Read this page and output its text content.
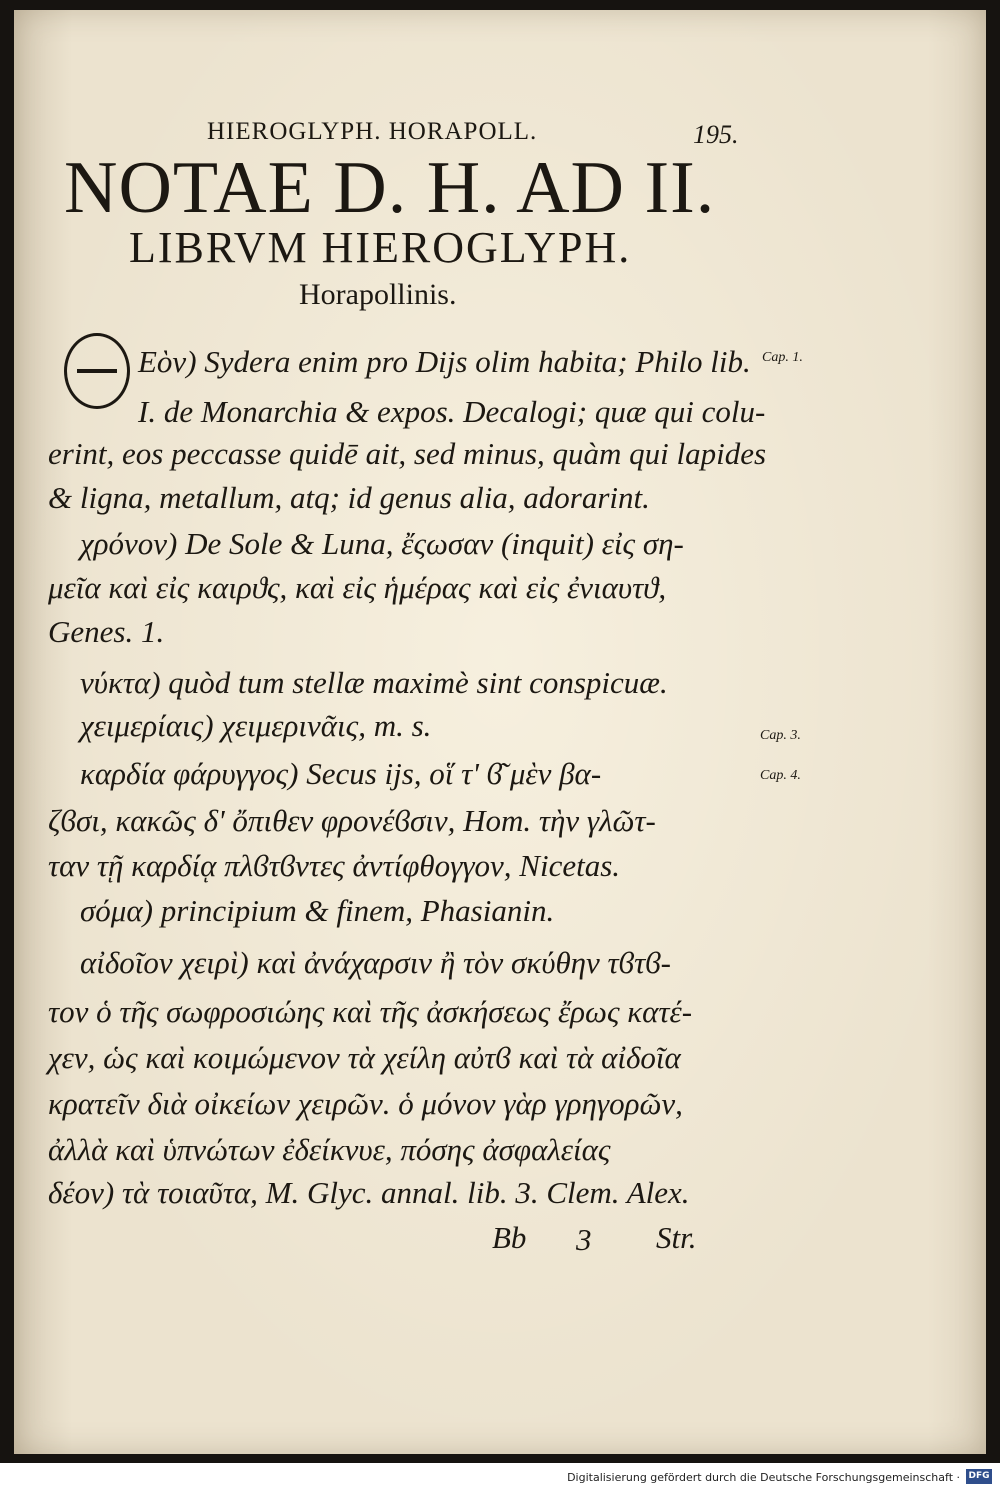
HIEROGLYPH. HORAPOLL.	195.
NOTAE D. H. AD II.
LIBRVM HIEROGLYPH.
Horapollinis.
Εὸν) Sydera enim pro Dijs olim habita; Philo lib.
I. de Monarchia & expos. Decalogi; quæ qui colu-
erint, eos peccasse quidē ait, sed minus, quàm qui lapides
& ligna, metallum, atq; id genus alia, adorarint.
χρόνον) De Sole & Luna, ἔςωσαν (inquit) εἰς ση-
μεῖα καὶ εἰς καιρϑς, καὶ εἰς ἡμέρας καὶ εἰς ἐνιαυτϑ,
Genes. 1.
νύκτα) quòd tum stellæ maximè sint conspicuæ.
χειμερίαις) χειμερινᾶις, m. s.
καρδία φάρυγγος) Secus ijs, οἵ τ' ϐ͂ μὲν βα-
ζϐσι, κακῶς δ' ὄπιθεν φρονέϐσιν, Hom. τὴν γλῶτ-
ταν τῇ καρδίᾳ πλϐτϐντες ἀντίφθογγον, Nicetas.
σόμα) principium & finem, Phasianin.
αἰδοῖον χειρὶ) καὶ ἀνάχαρσιν ἢ τὸν σκύθην τϐτϐ-
τον ὁ τῆς σωφροσιώης καὶ τῆς ἀσκήσεως ἔρως κατέ-
χεν, ὡς καὶ κοιμώμενον τὰ χείλη αὐτϐ καὶ τὰ αἰδοῖα
κρατεῖν διὰ οἰκείων χειρῶν. ὁ μόνον γὰρ γρηγορῶν,
ἀλλὰ καὶ ὑπνώτων ἐδείκνυε, πόσης ἀσφαλείας
δέον) τὰ τοιαῦτα, M. Glyc. annal. lib. 3. Clem. Alex.
Bb 3 Str.
Cap. 1.
Cap. 3.
Cap. 4.
Digitalisierung gefördert durch die Deutsche Forschungsgemeinschaft · DFG
